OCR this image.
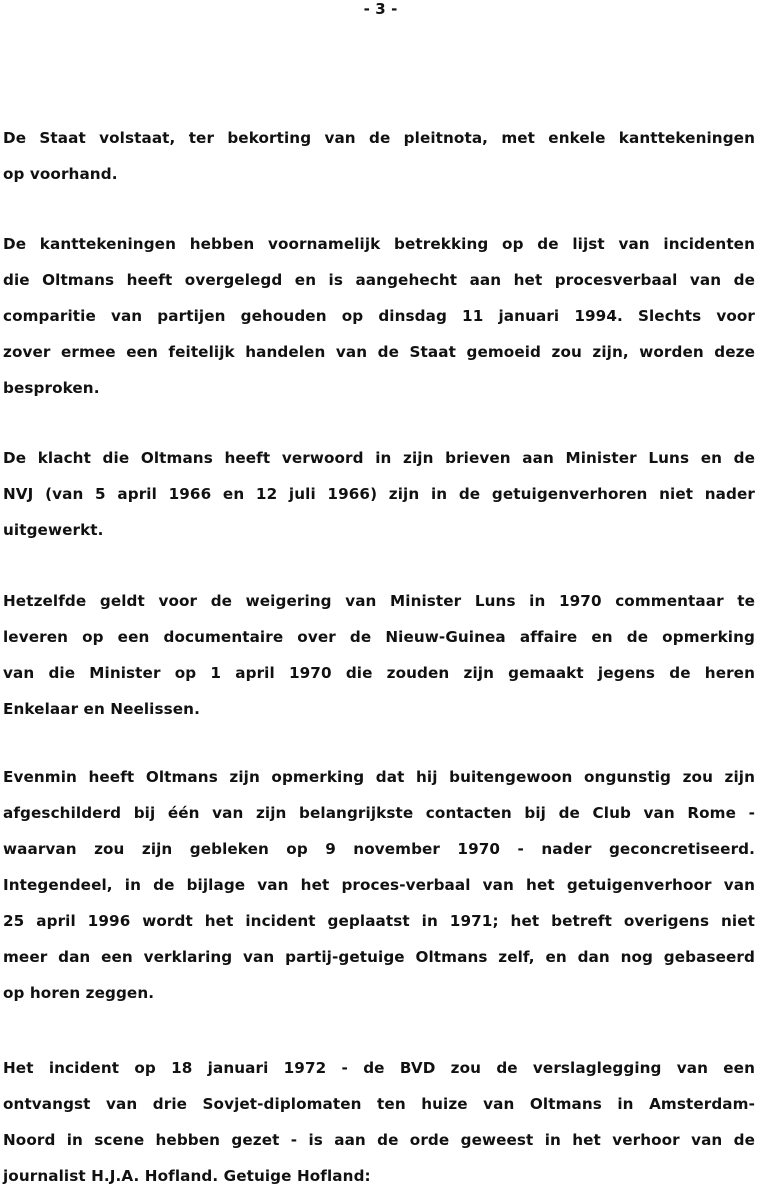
- 3 -
De Staat volstaat, ter bekorting van de pleitnota, met enkele kanttekeningen
op voorhand.
De kanttekeningen hebben voornamelijk betrekking op de lijst van incidenten
die Oltmans heeft overgelegd en is aangehecht aan het procesverbaal van de
comparitie van partijen gehouden op dinsdag 11 januari 1994. Slechts voor
zover ermee een feitelijk handelen van de Staat gemoeid zou zijn, worden deze
besproken.
De klacht die Oltmans heeft verwoord in zijn brieven aan Minister Luns en de
NVJ (van 5 april 1966 en 12 juli 1966) zijn in de getuigenverhoren niet nader
uitgewerkt.
Hetzelfde geldt voor de weigering van Minister Luns in 1970 commentaar te
leveren op een documentaire over de Nieuw-Guinea affaire en de opmerking
van die Minister op 1 april 1970 die zouden zijn gemaakt jegens de heren
Enkelaar en Neelissen.
Evenmin heeft Oltmans zijn opmerking dat hij buitengewoon ongunstig zou zijn
afgeschilderd bij één van zijn belangrijkste contacten bij de Club van Rome -
waarvan zou zijn gebleken op 9 november 1970 - nader geconcretiseerd.
Integendeel, in de bijlage van het proces-verbaal van het getuigenverhoor van
25 april 1996 wordt het incident geplaatst in 1971; het betreft overigens niet
meer dan een verklaring van partij-getuige Oltmans zelf, en dan nog gebaseerd
op horen zeggen.
Het incident op 18 januari 1972 - de BVD zou de verslaglegging van een
ontvangst van drie Sovjet-diplomaten ten huize van Oltmans in Amsterdam-
Noord in scene hebben gezet - is aan de orde geweest in het verhoor van de
journalist H.J.A. Hofland. Getuige Hofland:
